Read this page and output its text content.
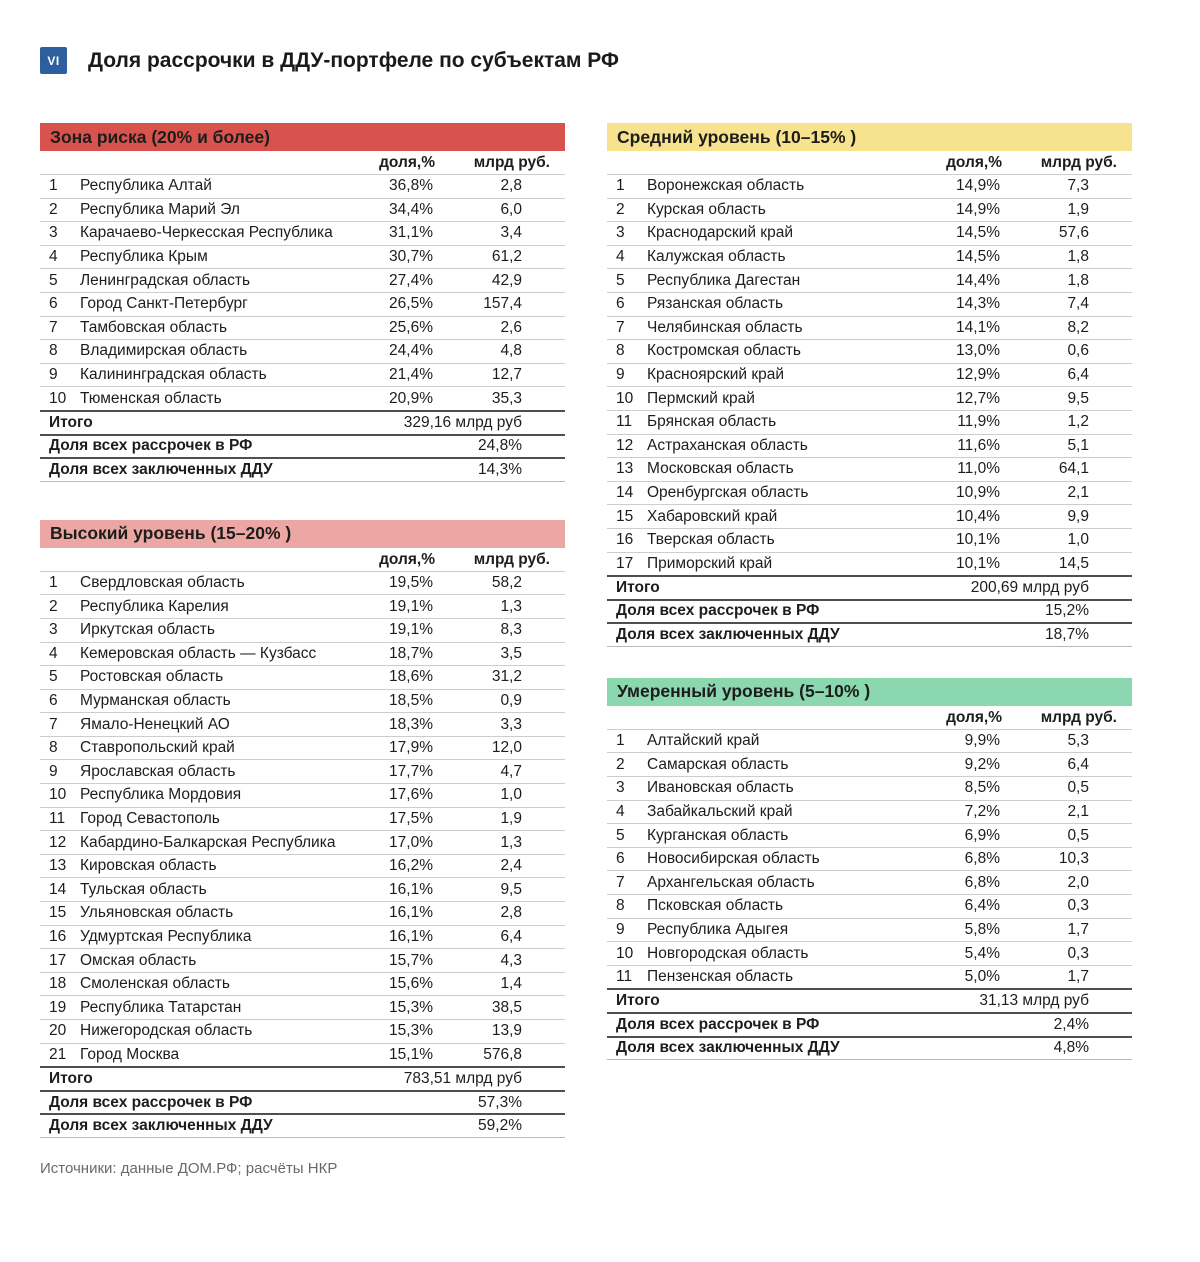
VI	Доля рассрочки в ДДУ-портфеле по субъектам РФ
Зона риска (20% и более)
доля,%	млрд руб.
1	Республика Алтай	36,8%	2,8
2	Республика Марий Эл	34,4%	6,0
3	Карачаево-Черкесская Республика	31,1%	3,4
4	Республика Крым	30,7%	61,2
5	Ленинградская область	27,4%	42,9
6	Город Санкт-Петербург	26,5%	157,4
7	Тамбовская область	25,6%	2,6
8	Владимирская область	24,4%	4,8
9	Калининградская область	21,4%	12,7
10 Тюменская область	20,9%	35,3
Итого	329,16 млрд руб
Доля всех рассрочек в РФ	24,8%
Доля всех заключенных ДДУ	14,3%
Высокий уровень (15–20% )
доля,%	млрд руб.
1	Свердловская область	19,5%	58,2
2	Республика Карелия	19,1%	1,3
3	Иркутская область	19,1%	8,3
4	Кемеровская область — Кузбасс	18,7%	3,5
5	Ростовская область	18,6%	31,2
6	Мурманская область	18,5%	0,9
7	Ямало-Ненецкий АО	18,3%	3,3
8	Ставропольский край	17,9%	12,0
9	Ярославская область	17,7%	4,7
10 Республика Мордовия	17,6%	1,0
11 Город Севастополь	17,5%	1,9
12 Кабардино-Балкарская Республика	17,0%	1,3
13 Кировская область	16,2%	2,4
14 Тульская область	16,1%	9,5
15 Ульяновская область	16,1%	2,8
16 Удмуртская Республика	16,1%	6,4
17 Омская область	15,7%	4,3
18 Смоленская область	15,6%	1,4
19 Республика Татарстан	15,3%	38,5
20 Нижегородская область	15,3%	13,9
21 Город Москва	15,1%	576,8
Итого	783,51 млрд руб
Доля всех рассрочек в РФ	57,3%
Доля всех заключенных ДДУ	59,2%
Средний уровень (10–15% )
доля,%	млрд руб.
1	Воронежская область	14,9%	7,3
2	Курская область	14,9%	1,9
3	Краснодарский край	14,5%	57,6
4	Калужская область	14,5%	1,8
5	Республика Дагестан	14,4%	1,8
6	Рязанская область	14,3%	7,4
7	Челябинская область	14,1%	8,2
8	Костромская область	13,0%	0,6
9	Красноярский край	12,9%	6,4
10 Пермский край	12,7%	9,5
11 Брянская область	11,9%	1,2
12 Астраханская область	11,6%	5,1
13 Московская область	11,0%	64,1
14 Оренбургская область	10,9%	2,1
15 Хабаровский край	10,4%	9,9
16 Тверская область	10,1%	1,0
17 Приморский край	10,1%	14,5
Итого	200,69 млрд руб
Доля всех рассрочек в РФ	15,2%
Доля всех заключенных ДДУ	18,7%
Умеренный уровень (5–10% )
доля,%	млрд руб.
1	Алтайский край	9,9%	5,3
2	Самарская область	9,2%	6,4
3	Ивановская область	8,5%	0,5
4	Забайкальский край	7,2%	2,1
5	Курганская область	6,9%	0,5
6	Новосибирская область	6,8%	10,3
7	Архангельская область	6,8%	2,0
8	Псковская область	6,4%	0,3
9	Республика Адыгея	5,8%	1,7
10 Новгородская область	5,4%	0,3
11 Пензенская область	5,0%	1,7
Итого	31,13 млрд руб
Доля всех рассрочек в РФ	2,4%
Доля всех заключенных ДДУ	4,8%
Источники: данные ДОМ.РФ; расчёты НКР
